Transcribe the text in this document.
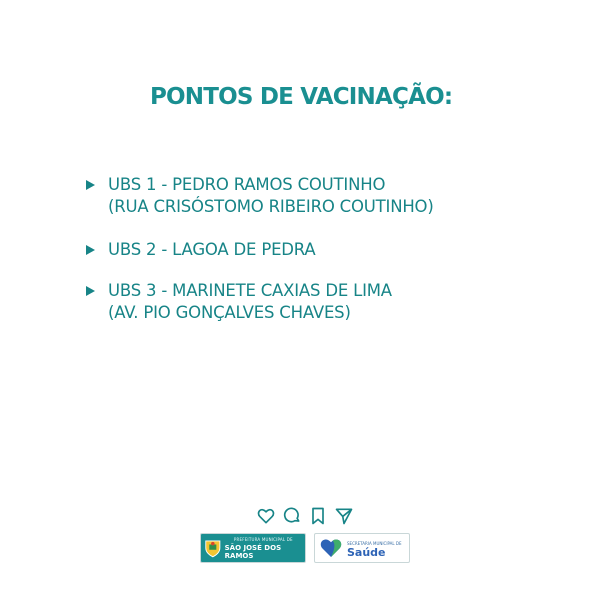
PONTOS DE VACINAÇÃO:
UBS 1 - PEDRO RAMOS COUTINHO
(RUA CRISÓSTOMO RIBEIRO COUTINHO)
UBS 2 - LAGOA DE PEDRA
UBS 3 - MARINETE CAXIAS DE LIMA
(AV. PIO GONÇALVES CHAVES)
PREFEITURA MUNICIPAL DE
SÃO JOSÉ DOS RAMOS
SECRETARIA MUNICIPAL DE
Saúde
